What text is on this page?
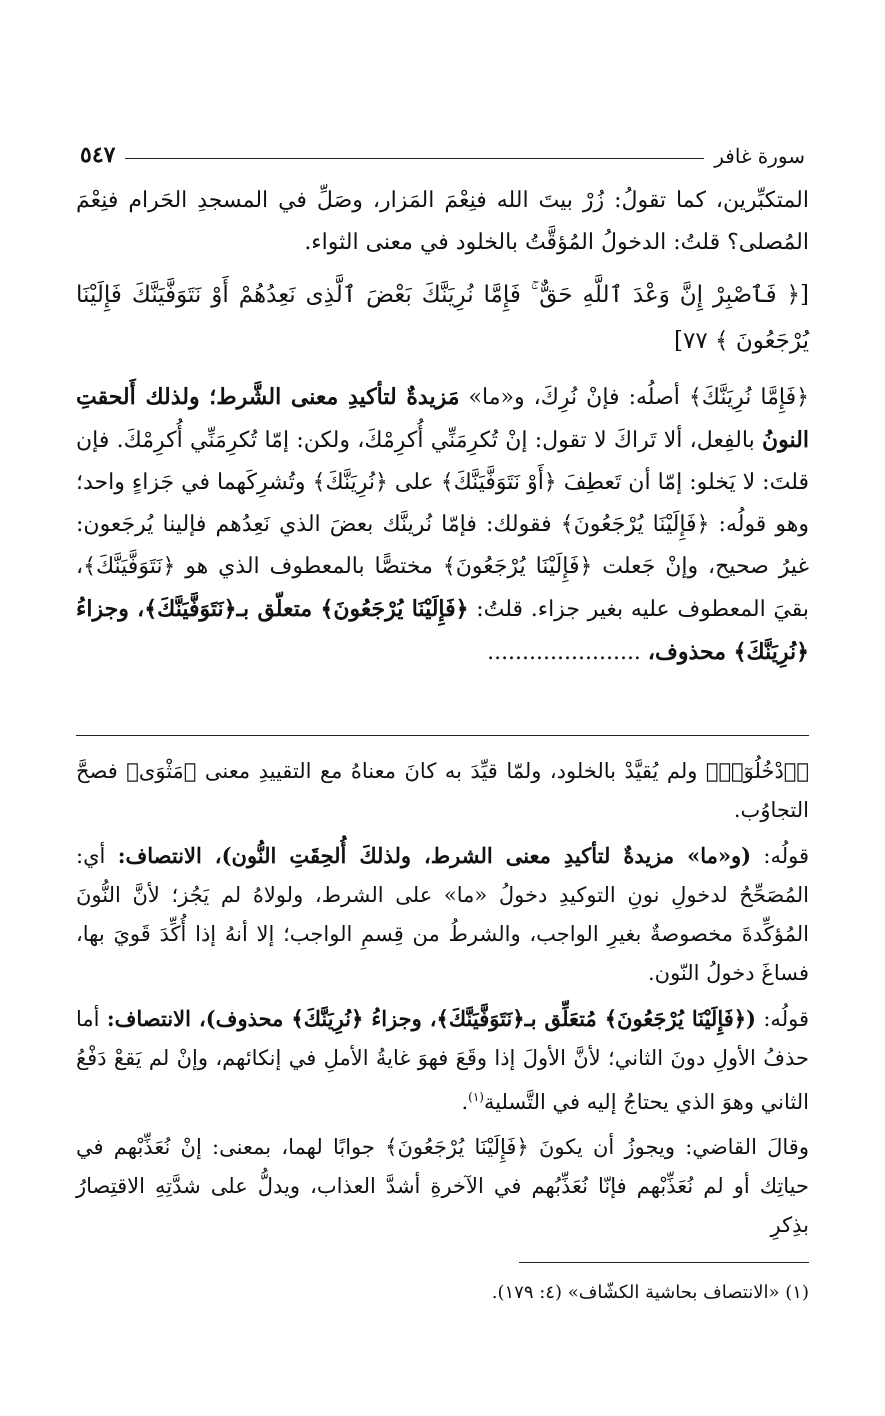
سورة غافر
٥٤٧

المتكبِّرين، كما تقولُ: زُرْ بيتَ الله فنِعْمَ المَزار، وصَلِّ في المسجدِ الحَرام فنِعْمَ المُصلى؟ قلتُ: الدخولُ المُؤقَّتُ بالخلود في معنى الثواء.

[﴿ فَٱصْبِرْ إِنَّ وَعْدَ ٱللَّهِ حَقٌّ ۚ فَإِمَّا نُرِيَنَّكَ بَعْضَ ٱلَّذِى نَعِدُهُمْ أَوْ نَتَوَفَّيَنَّكَ فَإِلَيْنَا يُرْجَعُونَ ﴾ ٧٧]

﴿فَإِمَّا نُرِيَنَّكَ﴾ أصلُه: فإنْ نُرِكَ، و«ما» مَزيدةٌ لتأكيدِ معنى الشَّرط؛ ولذلك أَلحقتِ النونُ بالفِعل، ألا تَراكَ لا تقول: إنْ تُكرِمَنِّي أُكرِمْكَ، ولكن: إمّا تُكرِمَنِّي أُكرِمْكَ. فإن قلتَ: لا يَخلو: إمّا أن تَعطِفَ ﴿أَوْ نَتَوَفَّيَنَّكَ﴾ على ﴿نُرِيَنَّكَ﴾ وتُشرِكَهما في جَزاءٍ واحد؛ وهو قولُه: ﴿فَإِلَيْنَا يُرْجَعُونَ﴾ فقولك: فإمّا نُرينَّك بعضَ الذي نَعِدُهم فإلينا يُرجَعون: غيرُ صحيح، وإنْ جَعلت ﴿فَإِلَيْنَا يُرْجَعُونَ﴾ مختصًّا بالمعطوف الذي هو ﴿نَتَوَفَّيَنَّكَ﴾، بقيَ المعطوف عليه بغير جزاء. قلتُ: ﴿فَإِلَيْنَا يُرْجَعُونَ﴾ متعلّق بـ﴿نَتَوَفَّيَنَّكَ﴾، وجزاءُ ﴿نُرِيَنَّكَ﴾ محذوف، ......................

﴿ٱدْخُلُوٓا۟﴾ ولم يُقيَّدْ بالخلود، ولمّا قيِّدَ به كانَ معناهُ مع التقييدِ معنى ﴿مَثْوَى﴾ فصحَّ التجاوُب.

قولُه: (و«ما» مزيدةٌ لتأكيدِ معنى الشرط، ولذلكَ أُلحِقَتِ النُّون)، الانتصاف: أي: المُصَحِّحُ لدخولِ نونِ التوكيدِ دخولُ «ما» على الشرط، ولولاهُ لم يَجُز؛ لأنَّ النُّونَ المُؤكِّدةَ مخصوصةٌ بغيرِ الواجب، والشرطُ من قِسمِ الواجب؛ إلا أنهُ إذا أُكِّدَ قَويَ بها، فساغَ دخولُ النّون.

قولُه: (﴿فَإِلَيْنَا يُرْجَعُونَ﴾ مُتعَلِّق بـ﴿نَتَوَفَّيَنَّكَ﴾، وجزاءُ ﴿نُرِيَنَّكَ﴾ محذوف)، الانتصاف: أما حذفُ الأولِ دونَ الثاني؛ لأنَّ الأولَ إذا وقَعَ فهوَ غايةُ الأملِ في إنكائهم، وإنْ لم يَقعْ دَفْعُ الثاني وهوَ الذي يحتاجُ إليه في التَّسلية$^{(١)}$.

وقالَ القاضي: ويجوزُ أن يكونَ ﴿فَإِلَيْنَا يُرْجَعُونَ﴾ جوابًا لهما، بمعنى: إنْ نُعَذِّبْهم في حياتِك أو لم نُعَذِّبْهم فإنّا نُعَذِّبُهم في الآخرةِ أشدَّ العذاب، ويدلُّ على شدَّتِهِ الاقتِصارُ بذِكرِ

(١) «الانتصاف بحاشية الكشّاف» (٤: ١٧٩).
